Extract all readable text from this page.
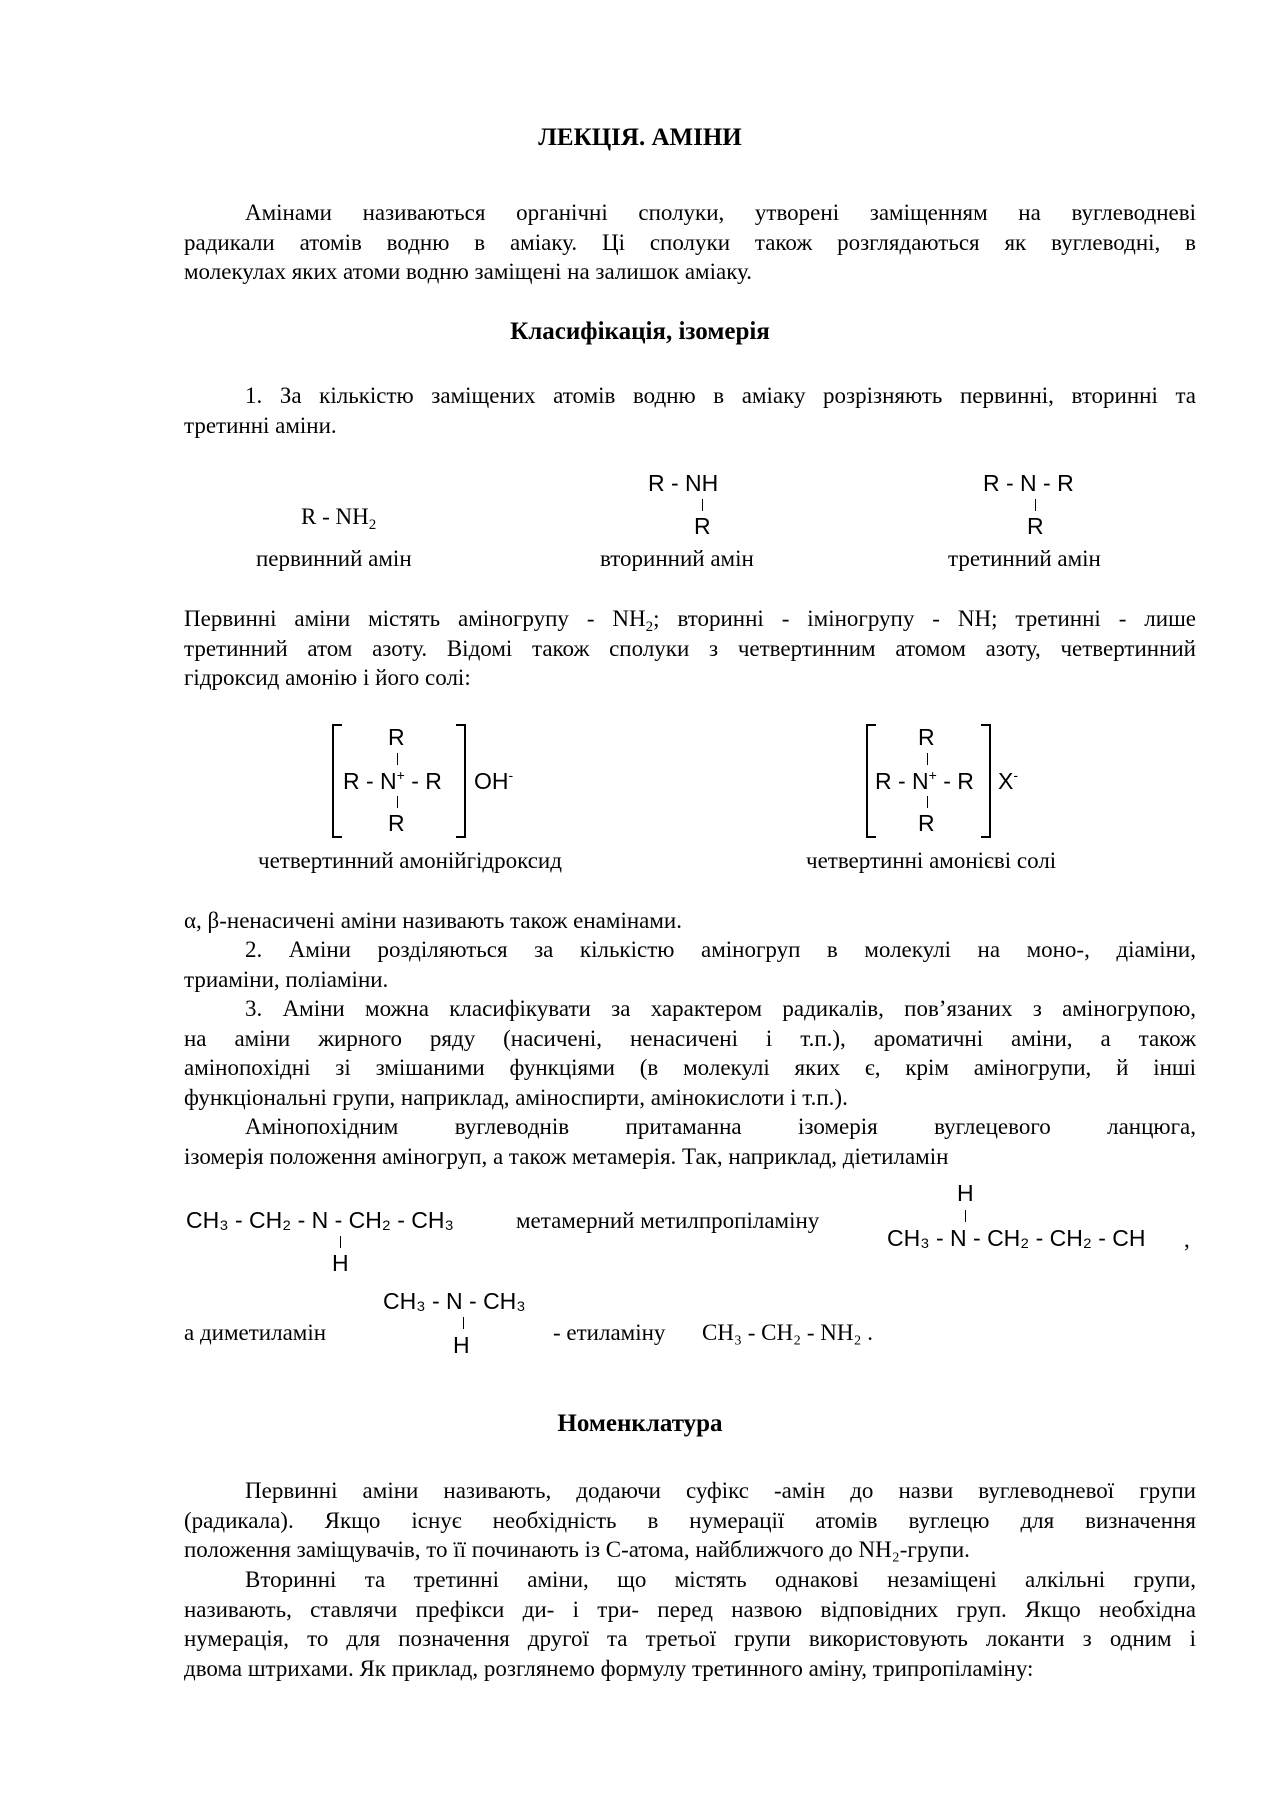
ЛЕКЦІЯ. АМІНИ
Амінами називаються органічні сполуки, утворені заміщенням на вуглеводневі
радикали атомів водню в аміаку. Ці сполуки також розглядаються як вуглеводні, в
молекулах яких атоми водню заміщені на залишок аміаку.
Класифікація, ізомерія
1. За кількістю заміщених атомів водню в аміаку розрізняють первинні, вторинні та
третинні аміни.
R - $NH_2$
R - NH
R
R - N - R
R
первинний амін	вторинний амін	третинний амін
Первинні аміни містять аміногрупу - $NH_2$; вторинні - іміногрупу - NH; третинні - лише
третинний атом азоту. Відомі також сполуки з четвертинним атомом азоту, четвертинний
гідроксид амонію і його солі:
R
R - N+ - R
R
OH-
R
R - N+ - R
R
X-
четвертинний амонійгідроксид	четвертинні амонієві солі
α, β-ненасичені аміни називають також енамінами.
2. Аміни розділяються за кількістю аміногруп в молекулі на моно-, діаміни,
триаміни, поліаміни.
3. Аміни можна класифікувати за характером радикалів, пов’язаних з аміногрупою,
на аміни жирного ряду (насичені, ненасичені і т.п.), ароматичні аміни, а також
амінопохідні зі змішаними функціями (в молекулі яких є, крім аміногрупи, й інші
функціональні групи, наприклад, аміноспирти, амінокислоти і т.п.).
Амінопохідним вуглеводнів притаманна ізомерія вуглецевого ланцюга,
ізомерія положення аміногруп, а також метамерія. Так, наприклад, діетиламін
CH₃ - CH₂ - N - CH₂ - CH₃
H
метамерний метилпропіламіну
H
CH₃ - N - CH₂ - CH₂ - CH ,
а диметиламін
CH₃ - N - CH₃
H	- етиламіну CH₃ - CH₂ - NH₂ .
Номенклатура
Первинні аміни називають, додаючи суфікс -амін до назви вуглеводневої групи
(радикала). Якщо існує необхідність в нумерації атомів вуглецю для визначення
положення заміщувачів, то її починають із C-атома, найближчого до NH₂-групи.
Вторинні та третинні аміни, що містять однакові незаміщені алкільні групи,
називають, ставлячи префікси ди- і три- перед назвою відповідних груп. Якщо необхідна
нумерація, то для позначення другої та третьої групи використовують локанти з одним і
двома штрихами. Як приклад, розглянемо формулу третинного аміну, трипропіламіну:
